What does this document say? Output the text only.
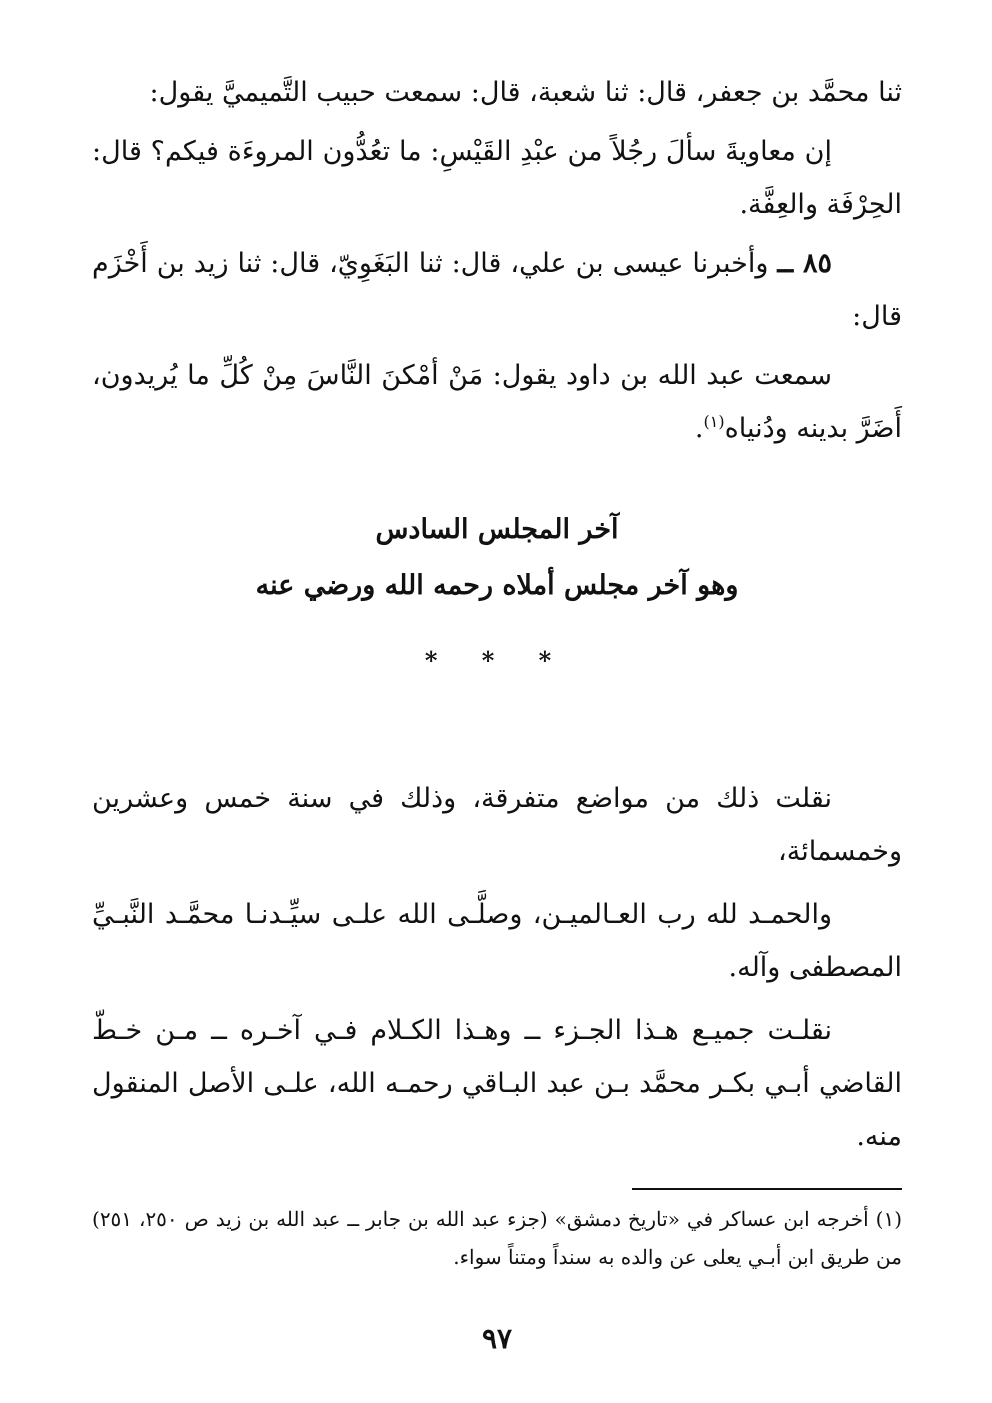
ثنا محمَّد بن جعفر، قال: ثنا شعبة، قال: سمعت حبيب التَّميميَّ يقول:

إن معاويةَ سألَ رجُلاً من عبْدِ القَيْسِ: ما تعُدُّون المروءَة فيكم؟ قال: الحِرْفَة والعِفَّة.

٨٥ ــ وأخبرنا عيسى بن علي، قال: ثنا البَغَوِيّ، قال: ثنا زيد بن أَخْزَم قال:

سمعت عبد الله بن داود يقول: مَنْ أمْكنَ النَّاسَ مِنْ كُلِّ ما يُريدون، أَضَرَّ بدينه ودُنياه$^{(١)}$.

آخر المجلس السادس

وهو آخر مجلس أملاه رحمه الله ورضي عنه

* * *

نقلت ذلك من مواضع متفرقة، وذلك في سنة خمس وعشرين وخمسمائة،

والحمـد لله رب العـالميـن، وصلَّـى الله علـى سيِّـدنـا محمَّـد النَّبـيِّ المصطفى وآله.

نقلـت جميـع هـذا الجـزء ــ وهـذا الكـلام فـي آخـره ــ مـن خـطّ القاضي أبـي بكـر محمَّد بـن عبد البـاقي رحمـه الله، علـى الأصل المنقول منه.

(١) أخرجه ابن عساكر في «تاريخ دمشق» (جزء عبد الله بن جابر ــ عبد الله بن زيد ص ٢٥٠، ٢٥١) من طريق ابن أبـي يعلى عن والده به سنداً ومتناً سواء.

٩٧
